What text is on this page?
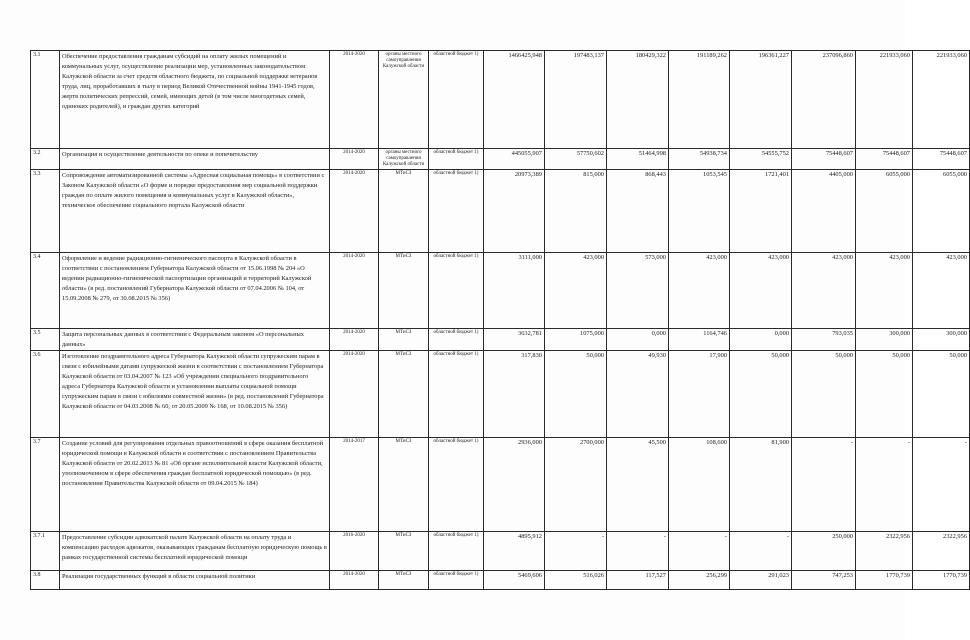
3.1	Обеспечение предоставления гражданам субсидий на оплату жилых помещений и коммунальных услуг, осуществление реализации мер, установленных законодательством Калужской области за счет средств областного бюджета, по социальной поддержке ветеранов труда, лиц, проработавших в тылу в период Великой Отечественной войны 1941-1945 годов, жертв политических репрессий, семей, имеющих детей (в том числе многодетных семей, одиноких родителей), и граждан других категорий	2014-2020	органы местного самоуправления Калужской области	областной бюджет 1)	1466425,948	197483,137	180429,322	191189,262	196361,227	237096,860	221933,060	221933,060
3.2	Организация и осуществление деятельности по опеке и попечительству	2014-2020	органы местного самоуправления Калужской области	областной бюджет 1)	445055,907	57750,602	51464,998	54938,734	54555,752	75448,607	75448,607	75448,607
3.3	Сопровождение автоматизированной системы «Адресная социальная помощь» в соответствии с Законом Калужской области «О форме и порядке предоставления мер социальной поддержки граждан по оплате жилого помещения и коммунальных услуг в Калужской области», техническое обеспечение социального портала Калужской области	2014-2020	МТиСЗ	областной бюджет 1)	20973,389	815,000	868,443	1053,545	1721,401	4405,000	6055,000	6055,000
3.4	Оформление и ведение радиационно-гигиенического паспорта в Калужской области в соответствии с постановлением Губернатора Калужской области от 15.06.1998 № 204 «О ведении радиационно-гигиенической паспортизации организаций и территорий Калужской области» (в ред. постановлений Губернатора Калужской области от 07.04.2006 № 104, от 15.09.2008 № 279, от 30.08.2015 № 356)	2014-2020	МТиСЗ	областной бюджет 1)	3111,000	423,000	573,000	423,000	423,000	423,000	423,000	423,000
3.5	Защита персональных данных в соответствии с Федеральным законом «О персональных данных»	2014-2020	МТиСЗ	областной бюджет 1)	3632,781	1075,000	0,000	1164,746	0,000	793,035	300,000	300,000
3.6	Изготовление поздравительного адреса Губернатора Калужской области супружеским парам в связи с юбилейными датами супружеской жизни в соответствии с постановлением Губернатора Калужской области от 03.04.2007 № 123 «Об учреждении специального поздравительного адреса Губернатора Калужской области и установлении выплаты социальной помощи супружеским парам в связи с юбилеями совместной жизни» (в ред. постановлений Губернатора Калужской области от 04.03.2008 № 60, от 20.05.2009 № 168, от 10.08.2015 № 356)	2014-2020	МТиСЗ	областной бюджет 1)	317,830	50,000	49,930	17,900	50,000	50,000	50,000	50,000
3.7	Создание условий для регулирования отдельных правоотношений в сфере оказания бесплатной юридической помощи в Калужской области в соответствии с постановлением Правительства Калужской области от 20.02.2013 № 81 «Об органе исполнительной власти Калужской области, уполномоченном в сфере обеспечения граждан бесплатной юридической помощью» (в ред. постановления Правительства Калужской области от 09.04.2015 № 184)	2014-2017	МТиСЗ	областной бюджет 1)	2936,000	2700,000	45,500	108,600	81,900	-	-	-
3.7.1	Предоставление субсидии адвокатской палате Калужской области на оплату труда и компенсацию расходов адвокатов, оказывающих гражданам бесплатную юридическую помощь в рамках государственной системы бесплатной юридической помощи	2016-2020	МТиСЗ	областной бюджет 1)	4895,912	-	-	-	-	250,000	2322,956	2322,956
3.8	Реализация государственных функций в области социальной политики	2014-2020	МТиСЗ	областной бюджет 1)	5469,606	516,026	117,527	256,299	291,023	747,253	1770,739	1770,739
